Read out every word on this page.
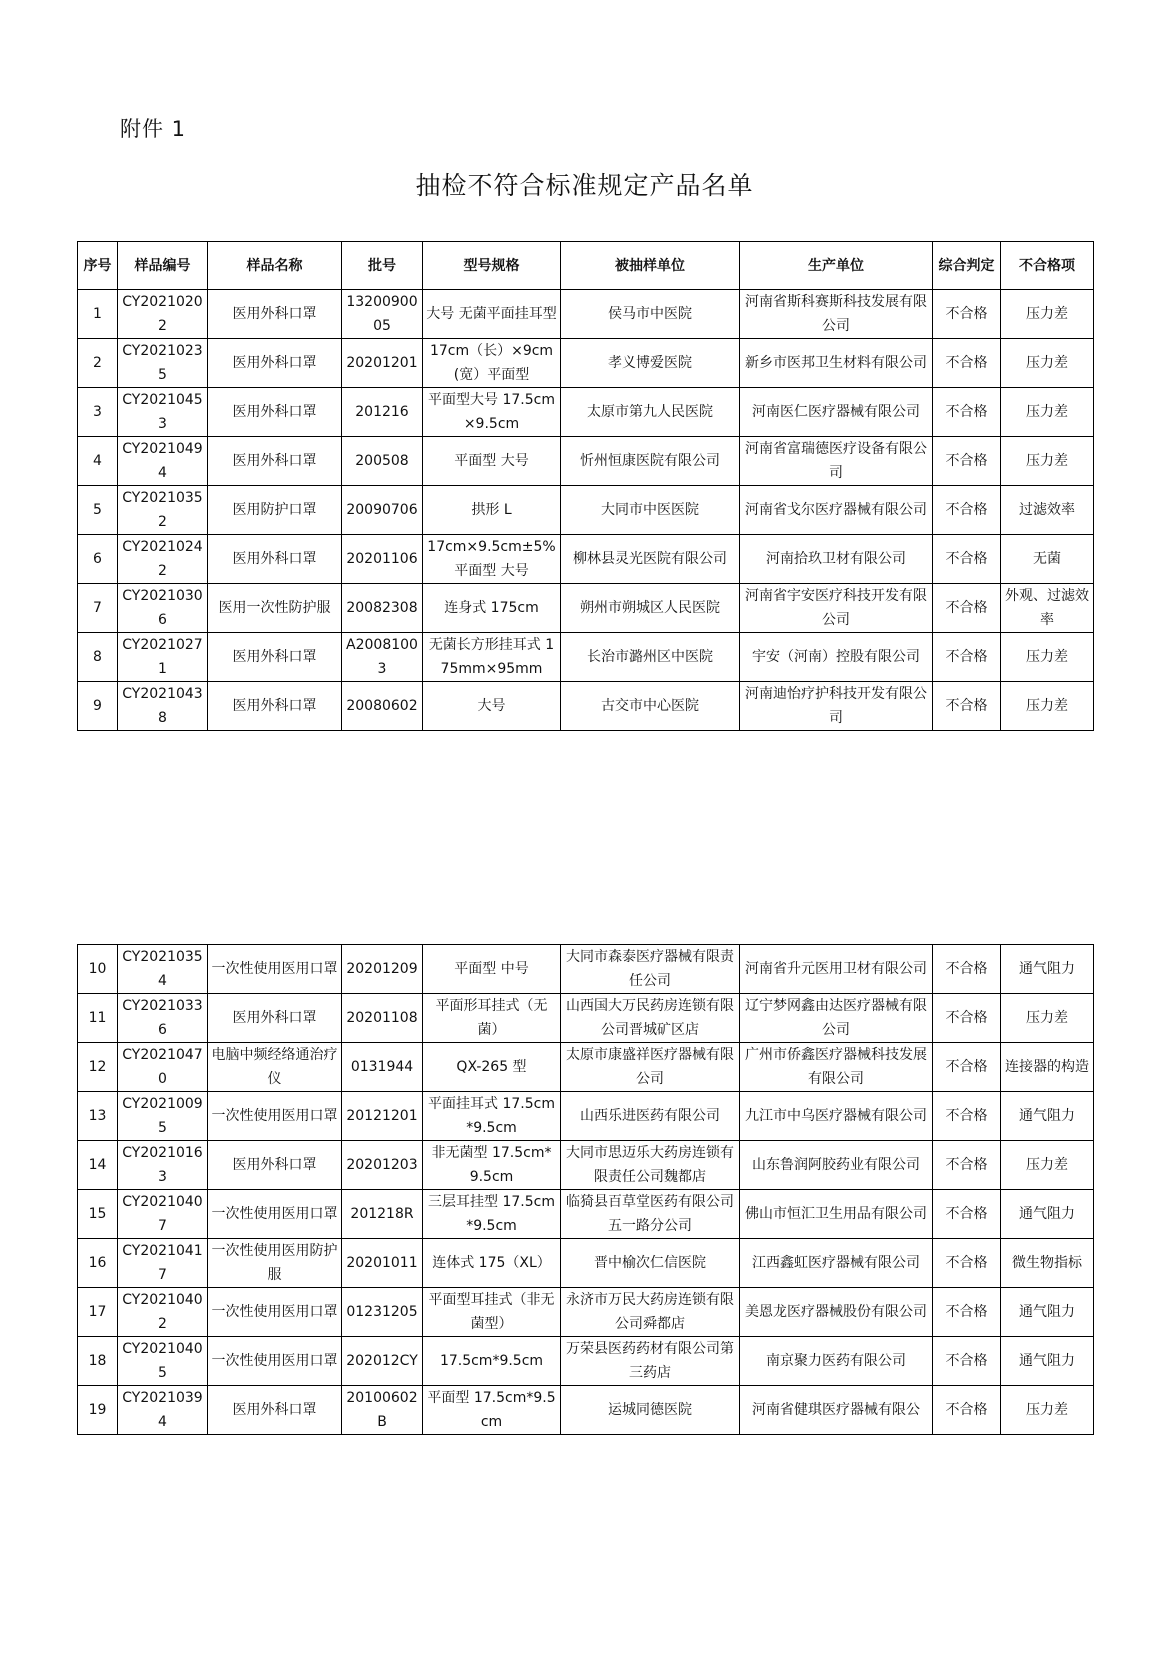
附件 1
抽检不符合标准规定产品名单
序号	样品编号	样品名称	批号	型号规格	被抽样单位	生产单位	综合判定	不合格项

1	CY20210202	医用外科口罩	1320090005	大号 无菌平面挂耳型	侯马市中医院	河南省斯科赛斯科技发展有限公司	不合格	压力差

2	CY20210235	医用外科口罩	20201201	17cm（长）×9cm(宽）平面型	孝义博爱医院	新乡市医邦卫生材料有限公司	不合格	压力差

3	CY20210453	医用外科口罩	201216	平面型大号 17.5cm×9.5cm	太原市第九人民医院	河南医仁医疗器械有限公司	不合格	压力差

4	CY20210494	医用外科口罩	200508	平面型 大号	忻州恒康医院有限公司	河南省富瑞德医疗设备有限公司	不合格	压力差

5	CY20210352	医用防护口罩	20090706	拱形 L	大同市中医医院	河南省戈尔医疗器械有限公司	不合格	过滤效率

6	CY20210242	医用外科口罩	20201106	17cm×9.5cm±5% 平面型 大号	柳林县灵光医院有限公司	河南拾玖卫材有限公司	不合格	无菌

7	CY20210306	医用一次性防护服	20082308	连身式 175cm	朔州市朔城区人民医院	河南省宇安医疗科技开发有限公司	不合格	外观、过滤效率

8	CY20210271	医用外科口罩	A20081003	无菌长方形挂耳式 175mm×95mm	长治市潞州区中医院	宇安（河南）控股有限公司	不合格	压力差

9	CY20210438	医用外科口罩	20080602	大号	古交市中心医院	河南迪怡疗护科技开发有限公司	不合格	压力差
10	CY20210354	一次性使用医用口罩	20201209	平面型 中号	大同市森泰医疗器械有限责任公司	河南省升元医用卫材有限公司	不合格	通气阻力

11	CY20210336	医用外科口罩	20201108	平面形耳挂式（无菌）	山西国大万民药房连锁有限公司晋城矿区店	辽宁梦网鑫由达医疗器械有限公司	不合格	压力差

12	CY20210470	电脑中频经络通治疗仪	0131944	QX-265 型	太原市康盛祥医疗器械有限公司	广州市侨鑫医疗器械科技发展有限公司	不合格	连接器的构造

13	CY20210095	一次性使用医用口罩	20121201	平面挂耳式 17.5cm*9.5cm	山西乐进医药有限公司	九江市中乌医疗器械有限公司	不合格	通气阻力

14	CY20210163	医用外科口罩	20201203	非无菌型 17.5cm*9.5cm	大同市思迈乐大药房连锁有限责任公司魏都店	山东鲁润阿胶药业有限公司	不合格	压力差

15	CY20210407	一次性使用医用口罩	201218R	三层耳挂型 17.5cm*9.5cm	临猗县百草堂医药有限公司五一路分公司	佛山市恒汇卫生用品有限公司	不合格	通气阻力

16	CY20210417	一次性使用医用防护服	20201011	连体式 175（XL）	晋中榆次仁信医院	江西鑫虹医疗器械有限公司	不合格	微生物指标

17	CY20210402	一次性使用医用口罩	01231205	平面型耳挂式（非无菌型）	永济市万民大药房连锁有限公司舜都店	美恩龙医疗器械股份有限公司	不合格	通气阻力

18	CY20210405	一次性使用医用口罩	202012CY	17.5cm*9.5cm	万荣县医药药材有限公司第三药店	南京聚力医药有限公司	不合格	通气阻力

19	CY20210394	医用外科口罩	20100602B	平面型 17.5cm*9.5cm	运城同德医院	河南省健琪医疗器械有限公	不合格	压力差
